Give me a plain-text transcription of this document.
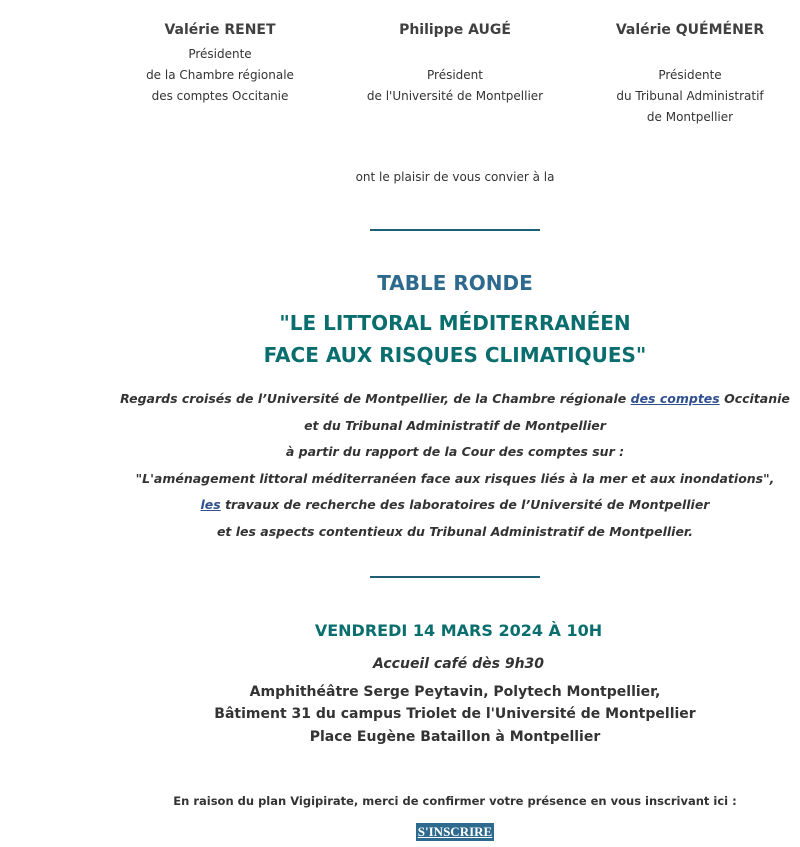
Valérie RENET
Présidente
de la Chambre régionale
des comptes Occitanie
Philippe AUGÉ
Président
de l'Université de Montpellier
Valérie QUÉMÉNER
Présidente
du Tribunal Administratif
de Montpellier
ont le plaisir de vous convier à la
TABLE RONDE
"LE LITTORAL MÉDITERRANÉEN
FACE AUX RISQUES CLIMATIQUES"
Regards croisés de l’Université de Montpellier, de la Chambre régionale des comptes Occitanie
et du Tribunal Administratif de Montpellier
à partir du rapport de la Cour des comptes sur :
"L'aménagement littoral méditerranéen face aux risques liés à la mer et aux inondations",
les travaux de recherche des laboratoires de l’Université de Montpellier
et les aspects contentieux du Tribunal Administratif de Montpellier.
VENDREDI 14 MARS 2024 À 10H
Accueil café dès 9h30
Amphithéâtre Serge Peytavin, Polytech Montpellier,
Bâtiment 31 du campus Triolet de l'Université de Montpellier
Place Eugène Bataillon à Montpellier
En raison du plan Vigipirate, merci de confirmer votre présence en vous inscrivant ici :
S'INSCRIRE
